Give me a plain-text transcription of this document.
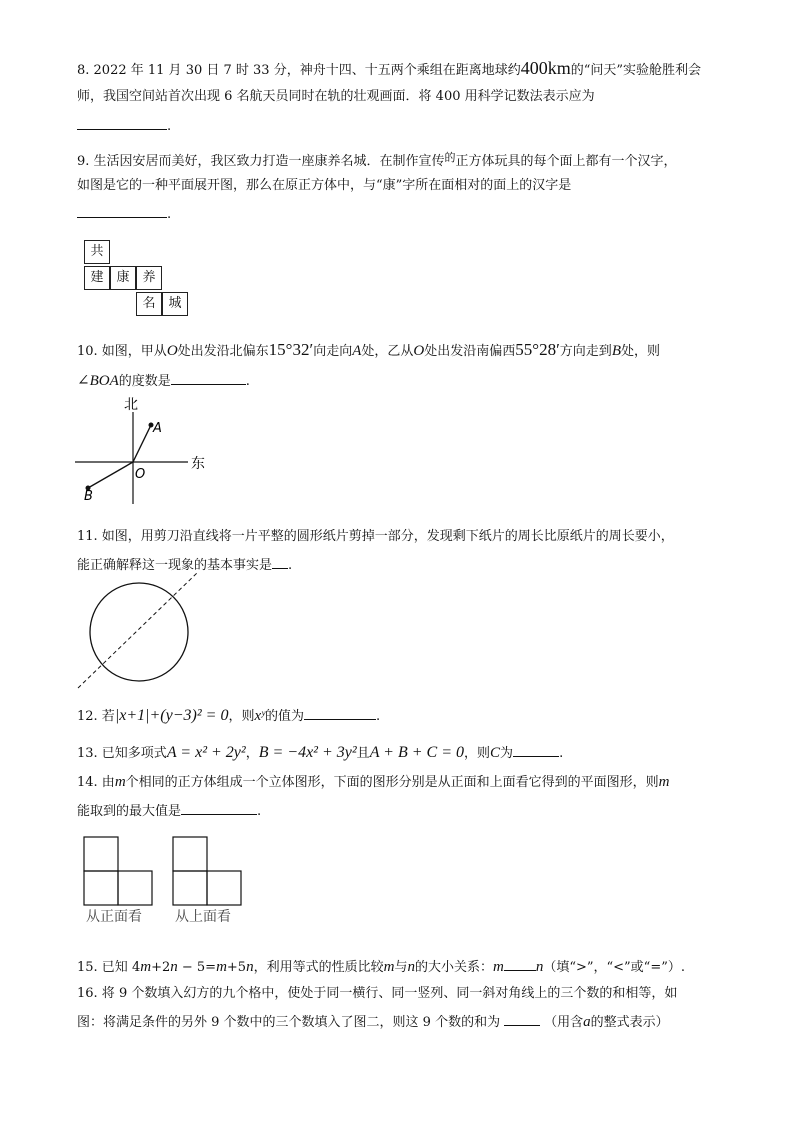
8. 2022 年 11 月 30 日 7 时 33 分，神舟十四、十五两个乘组在距离地球约400km的“问天”实验舱胜利会
师，我国空间站首次出现 6 名航天员同时在轨的壮观画面．将 400 用科学记数法表示应为
.
9. 生活因安居而美好，我区致力打造一座康养名城．在制作宣传$^的$正方体玩具的每个面上都有一个汉字，
如图是它的一种平面展开图，那么在原正方体中，与“康”字所在面相对的面上的汉字是
.
共
建 康 养
名 城
10. 如图，甲从O处出发沿北偏东15°32′向走向A处，乙从O处出发沿南偏西55°28′方向走到B处，则
∠BOA的度数是	.
北
东
A
O
B
11. 如图，用剪刀沿直线将一片平整的圆形纸片剪掉一部分，发现剩下纸片的周长比原纸片的周长要小，
能正确解释这一现象的基本事实是 .
12. 若|x+1|+(y−3)² = 0，则xʸ的值为	.
13. 已知多项式A = x² + 2y²，B = −4x² + 3y²且A + B + C = 0，则C为	.
14. 由m个相同的正方体组成一个立体图形，下面的图形分别是从正面和上面看它得到的平面图形，则m
能取到的最大值是	.
从正面看 从上面看
15. 已知 4m+2n − 5=m+5n，利用等式的性质比较m与n的大小关系：m n（填“>”，“<”或“=”）.
16. 将 9 个数填入幻方的九个格中，使处于同一横行、同一竖列、同一斜对角线上的三个数的和相等，如
图：将满足条件的另外 9 个数中的三个数填入了图二，则这 9 个数的和为	（用含a的整式表示）
